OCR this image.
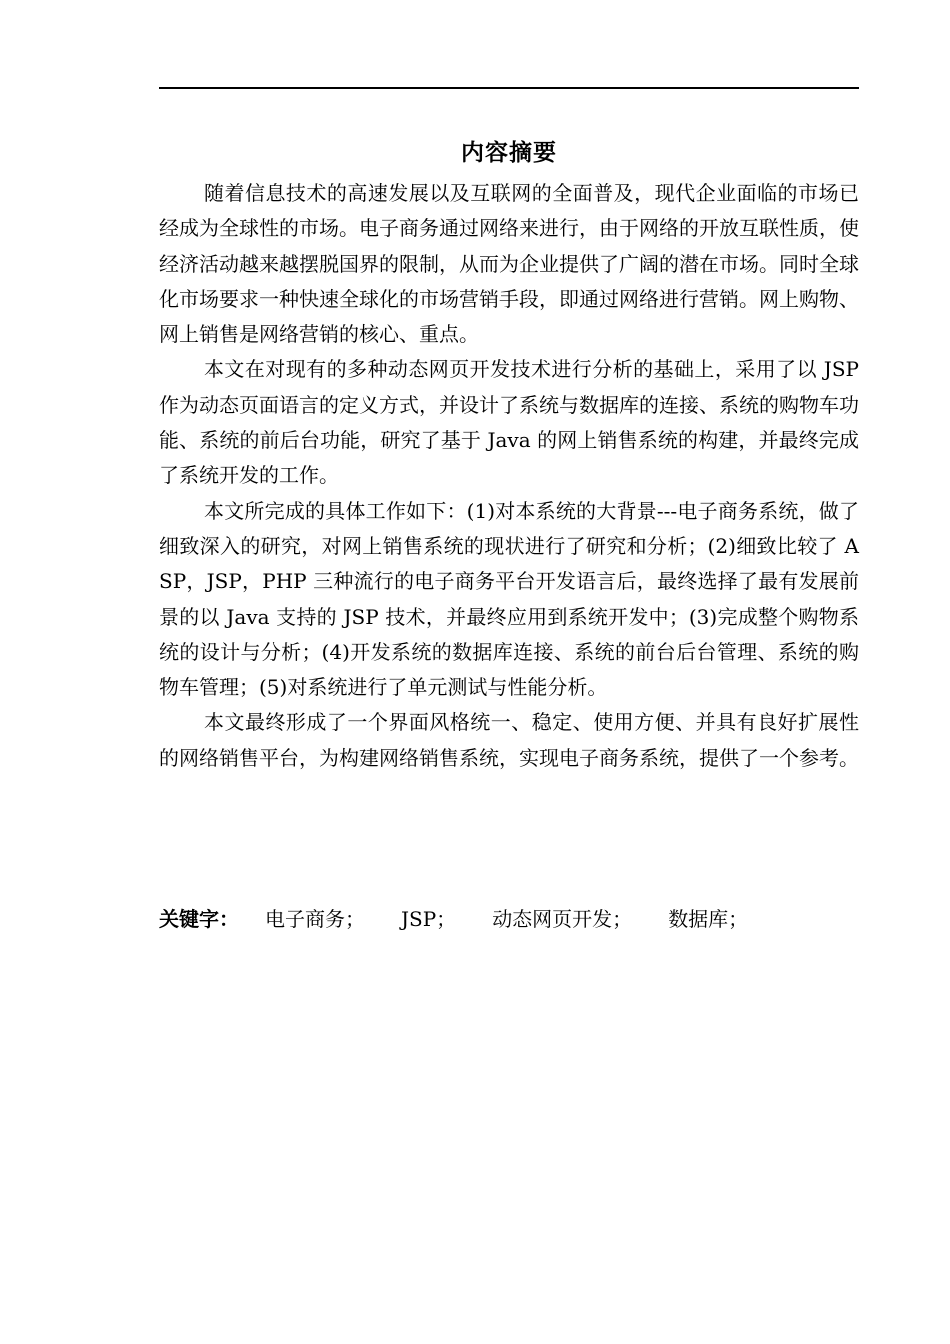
内容摘要

随着信息技术的高速发展以及互联网的全面普及，现代企业面临的市场已经成为全球性的市场。电子商务通过网络来进行，由于网络的开放互联性质，使经济活动越来越摆脱国界的限制，从而为企业提供了广阔的潜在市场。同时全球化市场要求一种快速全球化的市场营销手段，即通过网络进行营销。网上购物、网上销售是网络营销的核心、重点。

本文在对现有的多种动态网页开发技术进行分析的基础上，采用了以 JSP 作为动态页面语言的定义方式，并设计了系统与数据库的连接、系统的购物车功能、系统的前后台功能，研究了基于 Java 的网上销售系统的构建，并最终完成了系统开发的工作。

本文所完成的具体工作如下：(1)对本系统的大背景---电子商务系统，做了细致深入的研究，对网上销售系统的现状进行了研究和分析；(2)细致比较了 ASP，JSP，PHP 三种流行的电子商务平台开发语言后，最终选择了最有发展前景的以 Java 支持的 JSP 技术，并最终应用到系统开发中；(3)完成整个购物系统的设计与分析；(4)开发系统的数据库连接、系统的前台后台管理、系统的购物车管理；(5)对系统进行了单元测试与性能分析。

本文最终形成了一个界面风格统一、稳定、使用方便、并具有良好扩展性的网络销售平台，为构建网络销售系统，实现电子商务系统，提供了一个参考。

关键字： 电子商务； JSP； 动态网页开发； 数据库；
